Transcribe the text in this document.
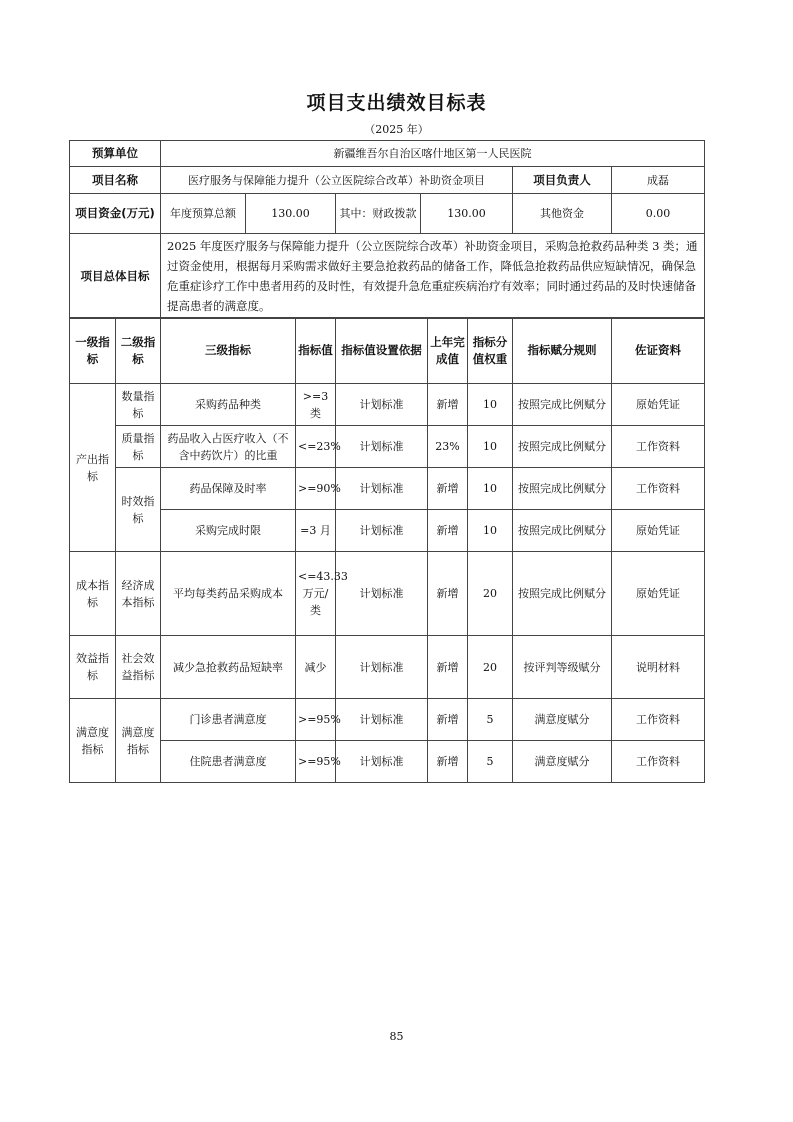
项目支出绩效目标表
（2025 年）
预算单位	新疆维吾尔自治区喀什地区第一人民医院					
项目名称	医疗服务与保障能力提升（公立医院综合改革）补助资金项目				项目负责人	成磊
项目资金(万元)	年度预算总额	130.00	其中：财政拨款	130.00	其他资金	0.00
项目总体目标	2025 年度医疗服务与保障能力提升（公立医院综合改革）补助资金项目，采购急抢救药品种类 3 类；通过资金使用，根据每月采购需求做好主要急抢救药品的储备工作，降低急抢救药品供应短缺情况，确保急危重症诊疗工作中患者用药的及时性，有效提升急危重症疾病治疗有效率；同时通过药品的及时快速储备提高患者的满意度。					
一级指标	二级指标	三级指标	指标值	指标值设置依据	上年完成值	指标分值权重	指标赋分规则	佐证资料
产出指标	数量指标	采购药品种类	>=3类	计划标准	新增	10	按照完成比例赋分	原始凭证
	质量指标	药品收入占医疗收入（不含中药饮片）的比重	<=23%	计划标准	23%	10	按照完成比例赋分	工作资料
	时效指标	药品保障及时率	>=90%	计划标准	新增	10	按照完成比例赋分	工作资料
		采购完成时限	=3 月	计划标准	新增	10	按照完成比例赋分	原始凭证
成本指标	经济成本指标	平均每类药品采购成本	<=43.33 万元/类	计划标准	新增	20	按照完成比例赋分	原始凭证
效益指标	社会效益指标	减少急抢救药品短缺率	减少	计划标准	新增	20	按评判等级赋分	说明材料
满意度指标	满意度指标	门诊患者满意度	>=95%	计划标准	新增	5	满意度赋分	工作资料
		住院患者满意度	>=95%	计划标准	新增	5	满意度赋分	工作资料
85
